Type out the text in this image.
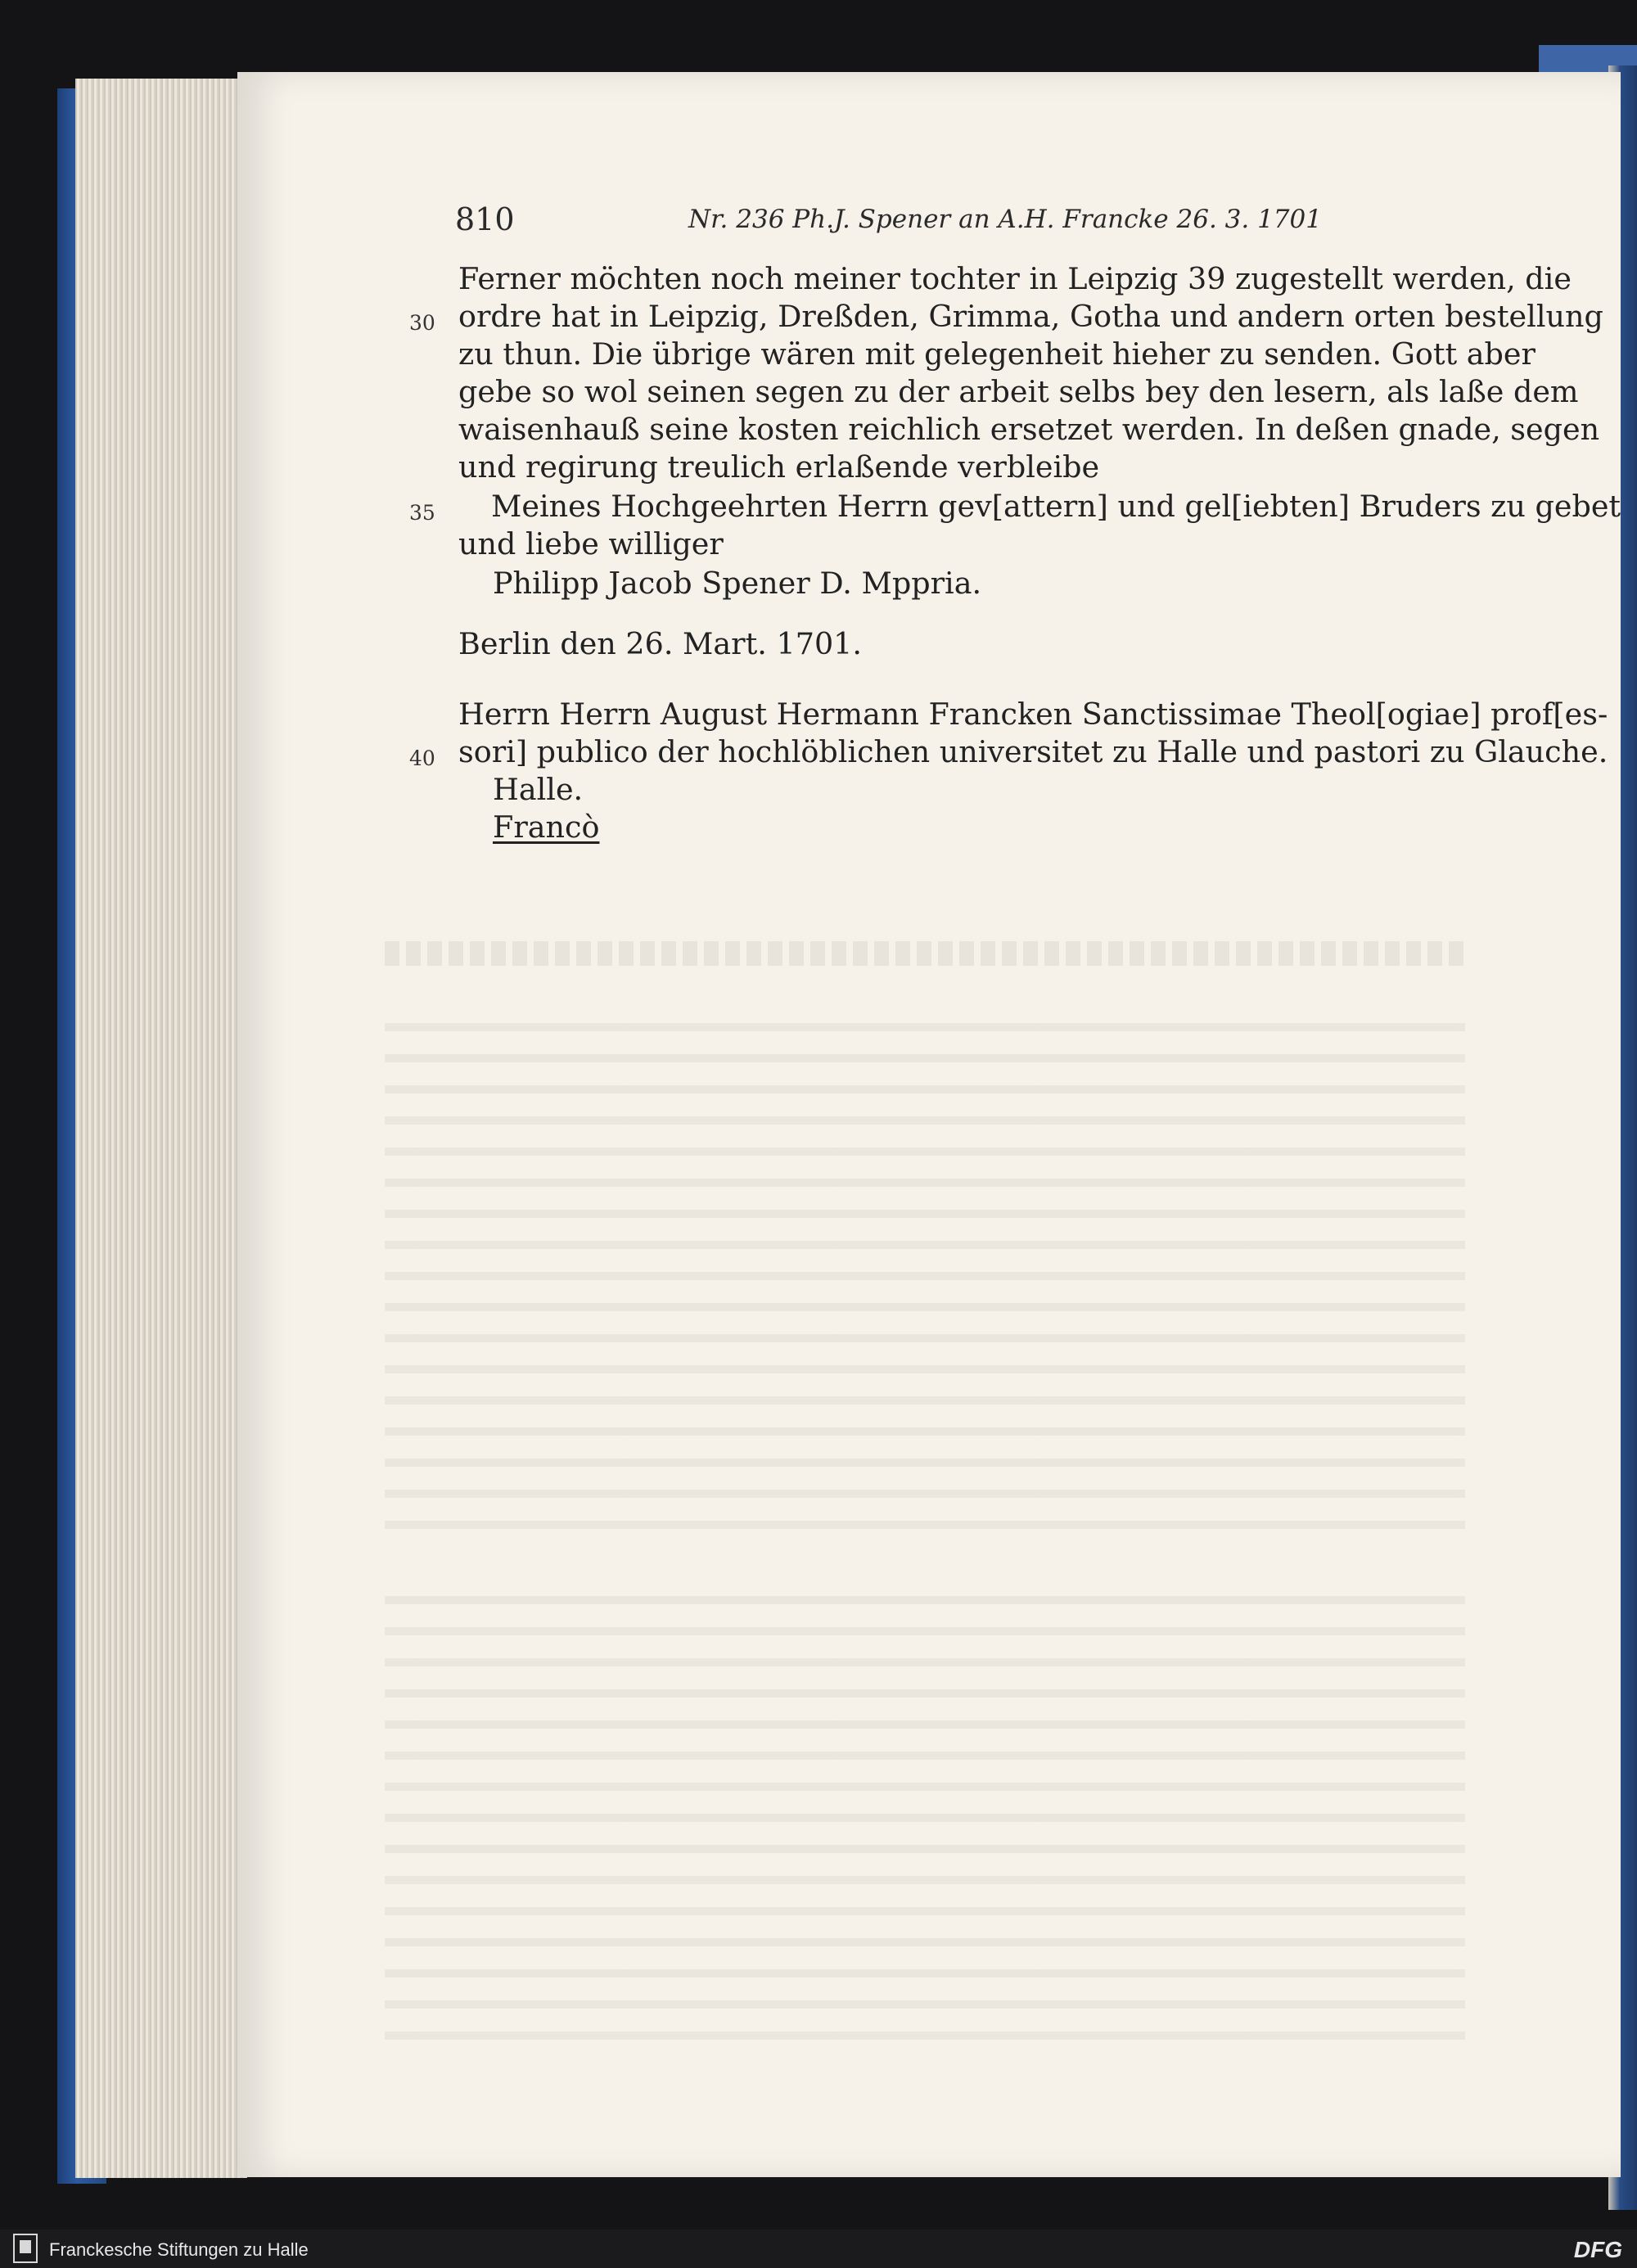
810	Nr. 236 Ph.J. Spener an A.H. Francke 26. 3. 1701
Ferner möchten noch meiner tochter in Leipzig 39 zugestellt werden, die
30 ordre hat in Leipzig, Dreßden, Grimma, Gotha und andern orten bestellung
zu thun. Die übrige wären mit gelegenheit hieher zu senden. Gott aber
gebe so wol seinen segen zu der arbeit selbs bey den lesern, als laße dem
waisenhauß seine kosten reichlich ersetzet werden. In deßen gnade, segen
und regirung treulich erlaßende verbleibe
35 Meines Hochgeehrten Herrn gev[attern] und gel[iebten] Bruders zu gebet
und liebe williger
Philipp Jacob Spener D. Mppria.
Berlin den 26. Mart. 1701.
Herrn Herrn August Hermann Francken Sanctissimae Theol[ogiae] prof[es-
40 sori] publico der hochlöblichen universitet zu Halle und pastori zu Glauche.
Halle.
Francò
Franckesche Stiftungen zu Halle	DFG
